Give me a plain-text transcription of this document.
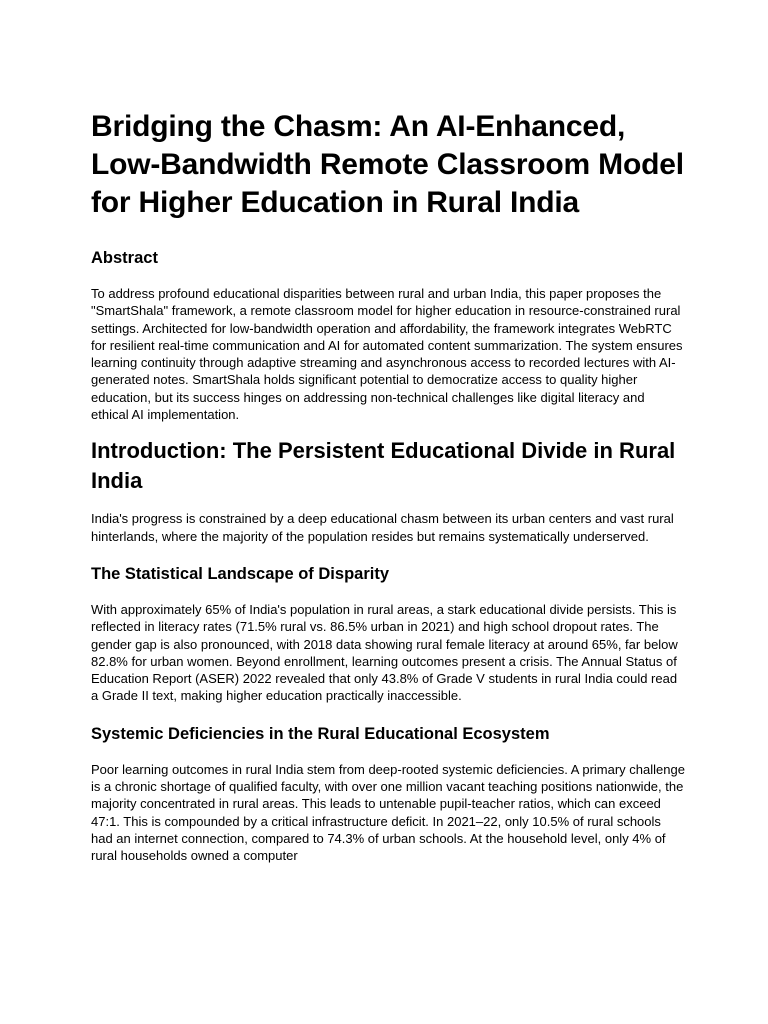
Bridging the Chasm: An AI-Enhanced, Low-Bandwidth Remote Classroom Model for Higher Education in Rural India
Abstract

To address profound educational disparities between rural and urban India, this paper proposes the "SmartShala" framework, a remote classroom model for higher education in resource-constrained rural settings. Architected for low-bandwidth operation and affordability, the framework integrates WebRTC for resilient real-time communication and AI for automated content summarization. The system ensures learning continuity through adaptive streaming and asynchronous access to recorded lectures with AI-generated notes. SmartShala holds significant potential to democratize access to quality higher education, but its success hinges on addressing non-technical challenges like digital literacy and ethical AI implementation.

Introduction: The Persistent Educational Divide in Rural India

India's progress is constrained by a deep educational chasm between its urban centers and vast rural hinterlands, where the majority of the population resides but remains systematically underserved.

The Statistical Landscape of Disparity

With approximately 65% of India's population in rural areas, a stark educational divide persists. This is reflected in literacy rates (71.5% rural vs. 86.5% urban in 2021) and high school dropout rates. The gender gap is also pronounced, with 2018 data showing rural female literacy at around 65%, far below 82.8% for urban women. Beyond enrollment, learning outcomes present a crisis. The Annual Status of Education Report (ASER) 2022 revealed that only 43.8% of Grade V students in rural India could read a Grade II text, making higher education practically inaccessible.

Systemic Deficiencies in the Rural Educational Ecosystem

Poor learning outcomes in rural India stem from deep-rooted systemic deficiencies. A primary challenge is a chronic shortage of qualified faculty, with over one million vacant teaching positions nationwide, the majority concentrated in rural areas. This leads to untenable pupil-teacher ratios, which can exceed 47:1. This is compounded by a critical infrastructure deficit. In 2021–22, only 10.5% of rural schools had an internet connection, compared to 74.3% of urban schools. At the household level, only 4% of rural households owned a computer
